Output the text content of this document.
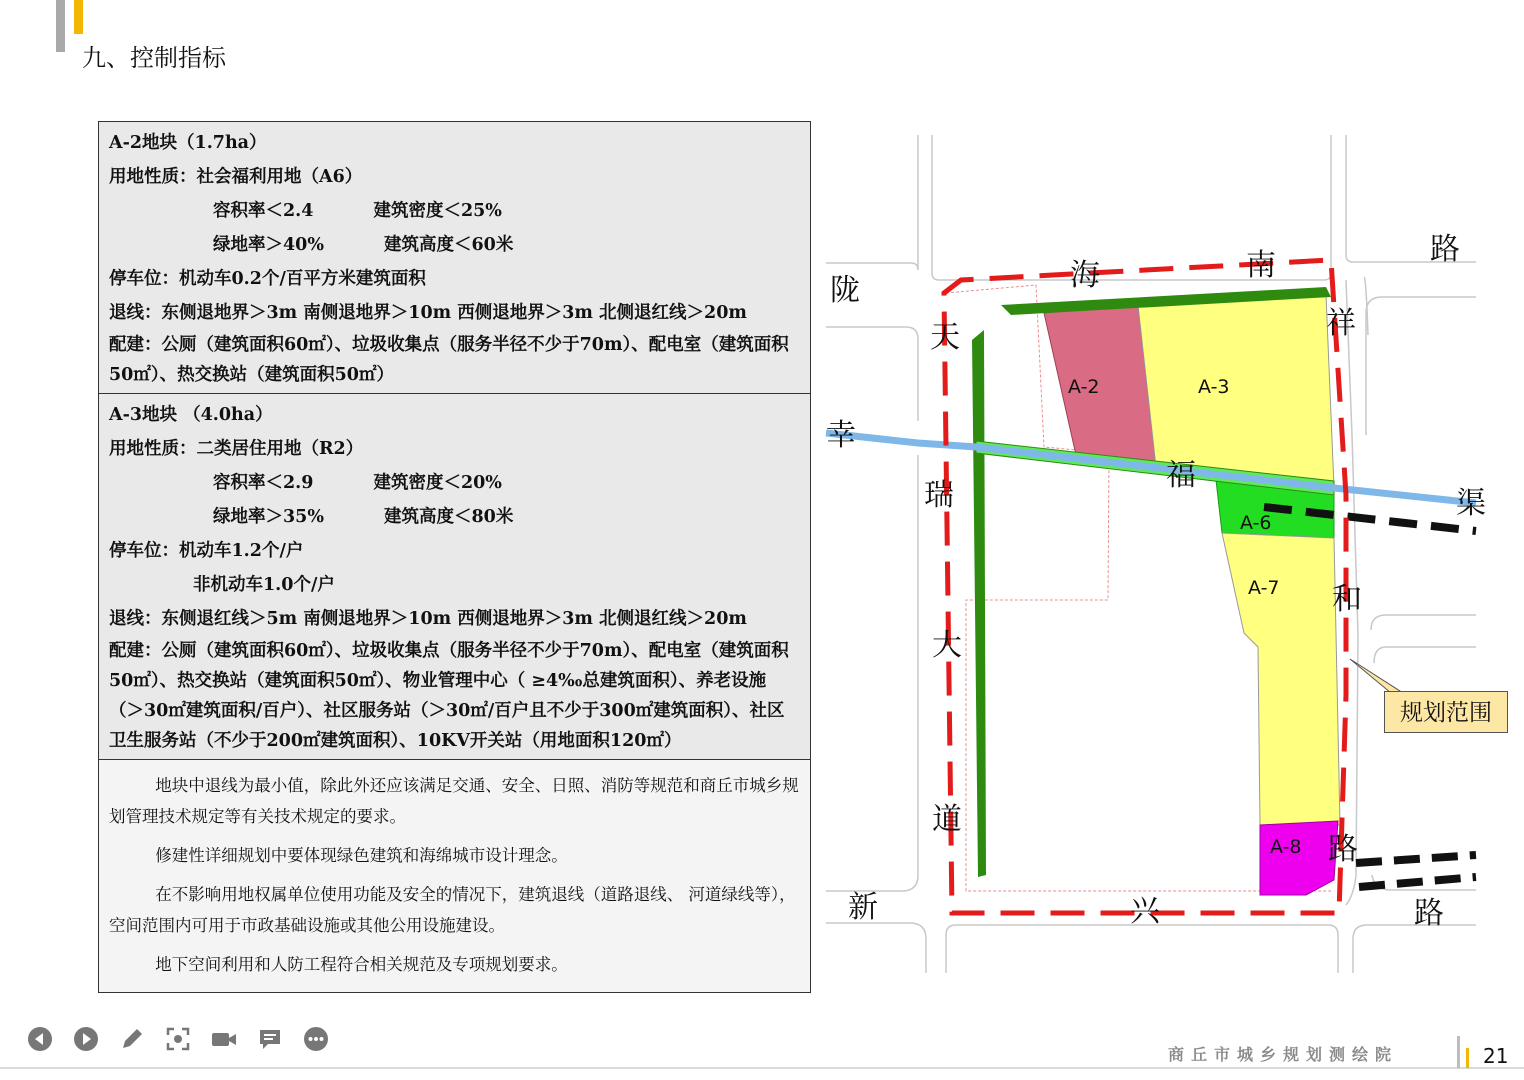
九、控制指标
A-2地块（1.7ha）
用地性质：社会福利用地（A6）
容积率＜2.4	建筑密度＜25%
绿地率＞40%	建筑高度＜60米
停车位：机动车0.2个/百平方米建筑面积
退线：东侧退地界＞3m 南侧退地界＞10m 西侧退地界＞3m 北侧退红线＞20m
配建：公厕（建筑面积60㎡）、垃圾收集点（服务半径不少于70m）、配电室（建筑面积50㎡）、热交换站（建筑面积50㎡）
A-3地块 （4.0ha）
用地性质：二类居住用地（R2）
容积率＜2.9	建筑密度＜20%
绿地率＞35%	建筑高度＜80米
停车位：机动车1.2个/户
非机动车1.0个/户
退线：东侧退红线＞5m 南侧退地界＞10m 西侧退地界＞3m 北侧退红线＞20m
配建：公厕（建筑面积60㎡）、垃圾收集点（服务半径不少于70m）、配电室（建筑面积50㎡）、热交换站（建筑面积50㎡）、物业管理中心（ ≥4‰总建筑面积）、养老设施（＞30㎡建筑面积/百户）、社区服务站（＞30㎡/百户且不少于300㎡建筑面积）、社区卫生服务站（不少于200㎡建筑面积）、10KV开关站（用地面积120㎡）

地块中退线为最小值，除此外还应该满足交通、安全、日照、消防等规范和商丘市城乡规划管理技术规定等有关技术规定的要求。

修建性详细规划中要体现绿色建筑和海绵城市设计理念。

在不影响用地权属单位使用功能及安全的情况下，建筑退线（道路退线、 河道绿线等），空间范围内可用于市政基础设施或其他公用设施建设。

地下空间利用和人防工程符合相关规范及专项规划要求。

A-2	A-3
A-6
A-7
A-8
陇	海	南	路
祥
天
幸
福
瑞	渠
和
大
道
路
新	兴	路
规划范围
商丘市城乡规划测绘院	21
